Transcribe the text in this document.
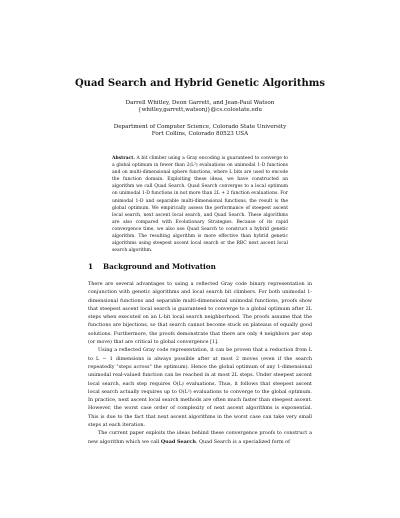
Quad Search and Hybrid Genetic Algorithms
Darrell Whitley, Deon Garrett, and Jean-Paul Watson
{whitley,garrett,watsonj}@cs.colostate.edu
Department of Computer Science, Colorado State University
Fort Collins, Colorado 80523 USA
Abstract. A bit climber using a Gray encoding is guaranteed to converge to a global optimum in fewer than 2(L²) evaluations on unimodal 1-D functions and on multi-dimensional sphere functions, where L bits are used to encode the function domain. Exploiting these ideas, we have constructed an algorithm we call Quad Search. Quad Search converges to a local optimum on unimodal 1-D functions in not more than 2L + 2 function evaluations. For unimodal 1-D and separable multi-dimensional functions, the result is the global optimum. We empirically assess the performance of steepest ascent local search, next ascent local search, and Quad Search. These algorithms are also compared with Evolutionary Strategies. Because of its rapid convergence time, we also use Quad Search to construct a hybrid genetic algorithm. The resulting algorithm is more effective than hybrid genetic algorithms using steepest ascent local search or the RBC next ascent local search algorithm.
1 Background and Motivation

There are several advantages to using a reflected Gray code binary representation in conjunction with genetic algorithms and local search bit climbers. For both unimodal 1-dimensional functions and separable multi-dimensional unimodal functions, proofs show that steepest ascent local search is guaranteed to converge to a global optimum after 2L steps when executed on an L-bit local search neighborhood. The proofs assume that the functions are bijections, so that search cannot become stuck on plateaus of equally good solutions. Furthermore, the proofs demonstrate that there are only 4 neighbors per step (or move) that are critical to global convergence [1].

Using a reflected Gray code representation, it can be proven that a reduction from L to L − 1 dimensions is always possible after at most 2 moves (even if the search repeatedly "steps across" the optimum). Hence the global optimum of any 1-dimensional unimodal real-valued function can be reached in at most 2L steps. Under steepest ascent local search, each step requires O(L) evaluations. Thus, it follows that steepest ascent local search actually requires up to O(L²) evaluations to converge to the global optimum. In practice, next ascent local search methods are often much faster than steepest ascent. However, the worst case order of complexity of next ascent algorithms is exponential. This is due to the fact that next ascent algorithms in the worst case can take very small steps at each iteration.

The current paper exploits the ideas behind these convergence proofs to construct a new algorithm which we call Quad Search. Quad Search is a specialized form of
